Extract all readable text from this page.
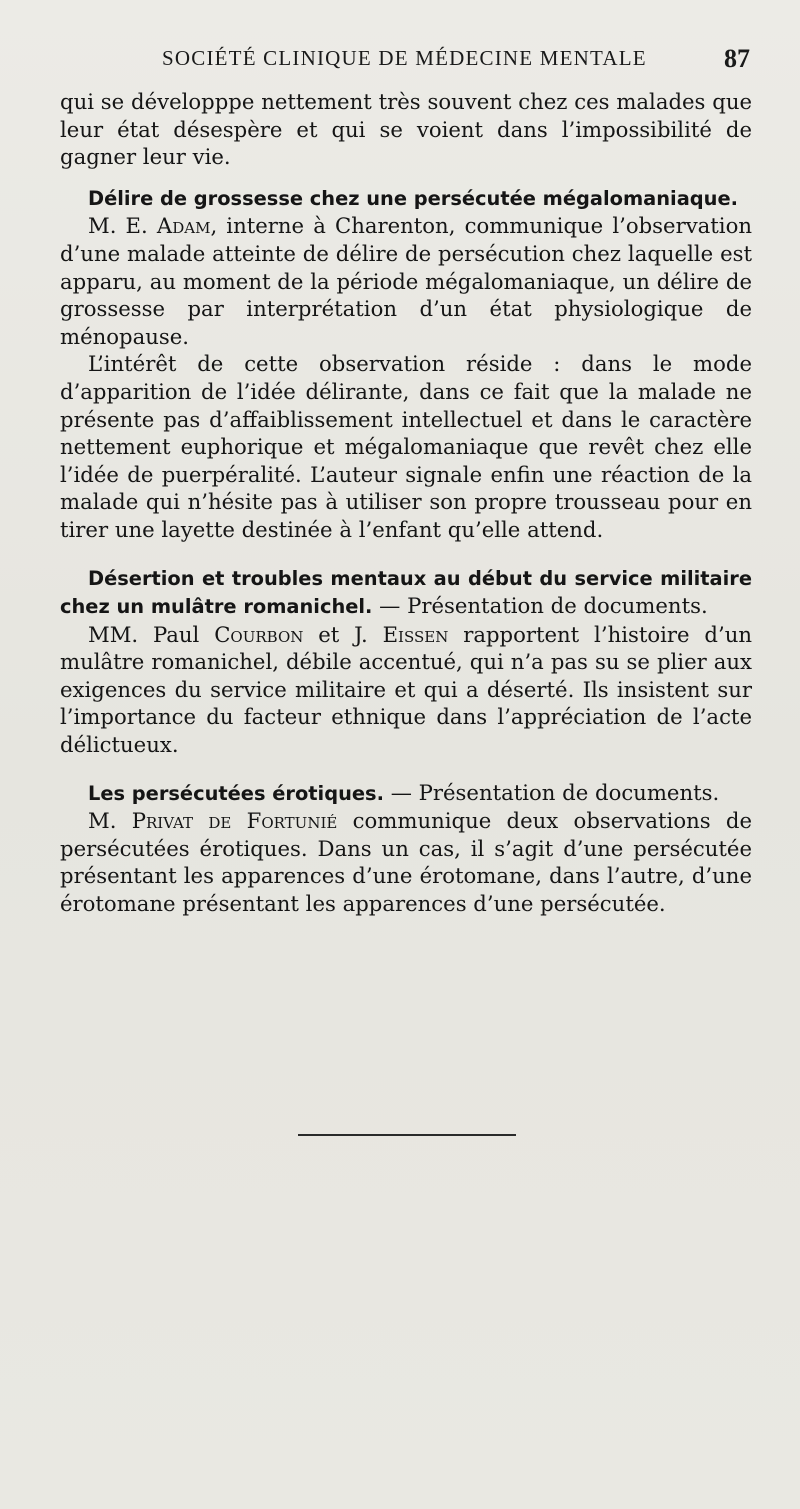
SOCIÉTÉ CLINIQUE DE MÉDECINE MENTALE	87

qui se développpe nettement très souvent chez ces malades que leur état désespère et qui se voient dans l’impossibilité de gagner leur vie.

Délire de grossesse chez une persécutée mégalomaniaque.

M. E. Adam, interne à Charenton, communique l’observation d’une malade atteinte de délire de persécution chez laquelle est apparu, au moment de la période mégalomaniaque, un délire de grossesse par interprétation d’un état physiologique de ménopause.

L’intérêt de cette observation réside : dans le mode d’apparition de l’idée délirante, dans ce fait que la malade ne présente pas d’affaiblissement intellectuel et dans le caractère nettement euphorique et mégalomaniaque que revêt chez elle l’idée de puerpéralité. L’auteur signale enfin une réaction de la malade qui n’hésite pas à utiliser son propre trousseau pour en tirer une layette destinée à l’enfant qu’elle attend.

Désertion et troubles mentaux au début du service militaire chez un mulâtre romanichel. — Présentation de documents.

MM. Paul Courbon et J. Eissen rapportent l’histoire d’un mulâtre romanichel, débile accentué, qui n’a pas su se plier aux exigences du service militaire et qui a déserté. Ils insistent sur l’importance du facteur ethnique dans l’appréciation de l’acte délictueux.

Les persécutées érotiques. — Présentation de documents.

M. Privat de Fortunié communique deux observations de persécutées érotiques. Dans un cas, il s’agit d’une persécutée présentant les apparences d’une érotomane, dans l’autre, d’une érotomane présentant les apparences d’une persécutée.
